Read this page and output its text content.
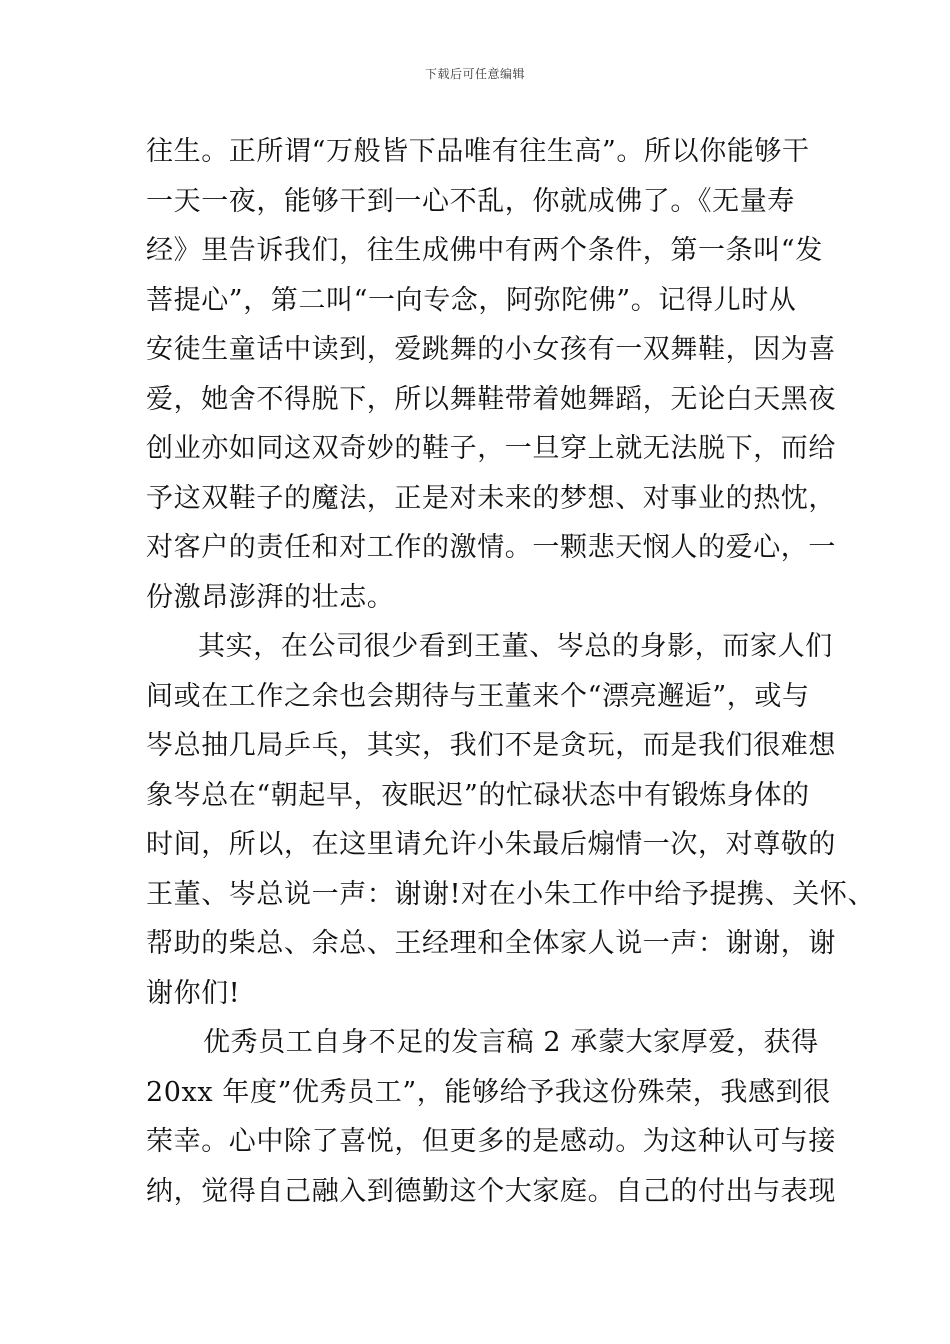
下载后可任意编辑
往生。正所谓“万般皆下品唯有往生高”。所以你能够干
一天一夜，能够干到一心不乱，你就成佛了。《无量寿
经》里告诉我们，往生成佛中有两个条件，第一条叫“发
菩提心”，第二叫“一向专念，阿弥陀佛”。记得儿时从
安徒生童话中读到，爱跳舞的小女孩有一双舞鞋，因为喜
爱，她舍不得脱下，所以舞鞋带着她舞蹈，无论白天黑夜
创业亦如同这双奇妙的鞋子，一旦穿上就无法脱下，而给
予这双鞋子的魔法，正是对未来的梦想、对事业的热忱，
对客户的责任和对工作的激情。一颗悲天悯人的爱心，一
份激昂澎湃的壮志。
其实，在公司很少看到王董、岑总的身影，而家人们
间或在工作之余也会期待与王董来个“漂亮邂逅”，或与
岑总抽几局乒乓，其实，我们不是贪玩，而是我们很难想
象岑总在“朝起早，夜眠迟”的忙碌状态中有锻炼身体的
时间，所以，在这里请允许小朱最后煽情一次，对尊敬的
王董、岑总说一声：谢谢!对在小朱工作中给予提携、关怀、
帮助的柴总、余总、王经理和全体家人说一声：谢谢，谢
谢你们!
优秀员工自身不足的发言稿 2 承蒙大家厚爱，获得
20xx 年度”优秀员工”，能够给予我这份殊荣，我感到很
荣幸。心中除了喜悦，但更多的是感动。为这种认可与接
纳，觉得自己融入到德勤这个大家庭。自己的付出与表现
